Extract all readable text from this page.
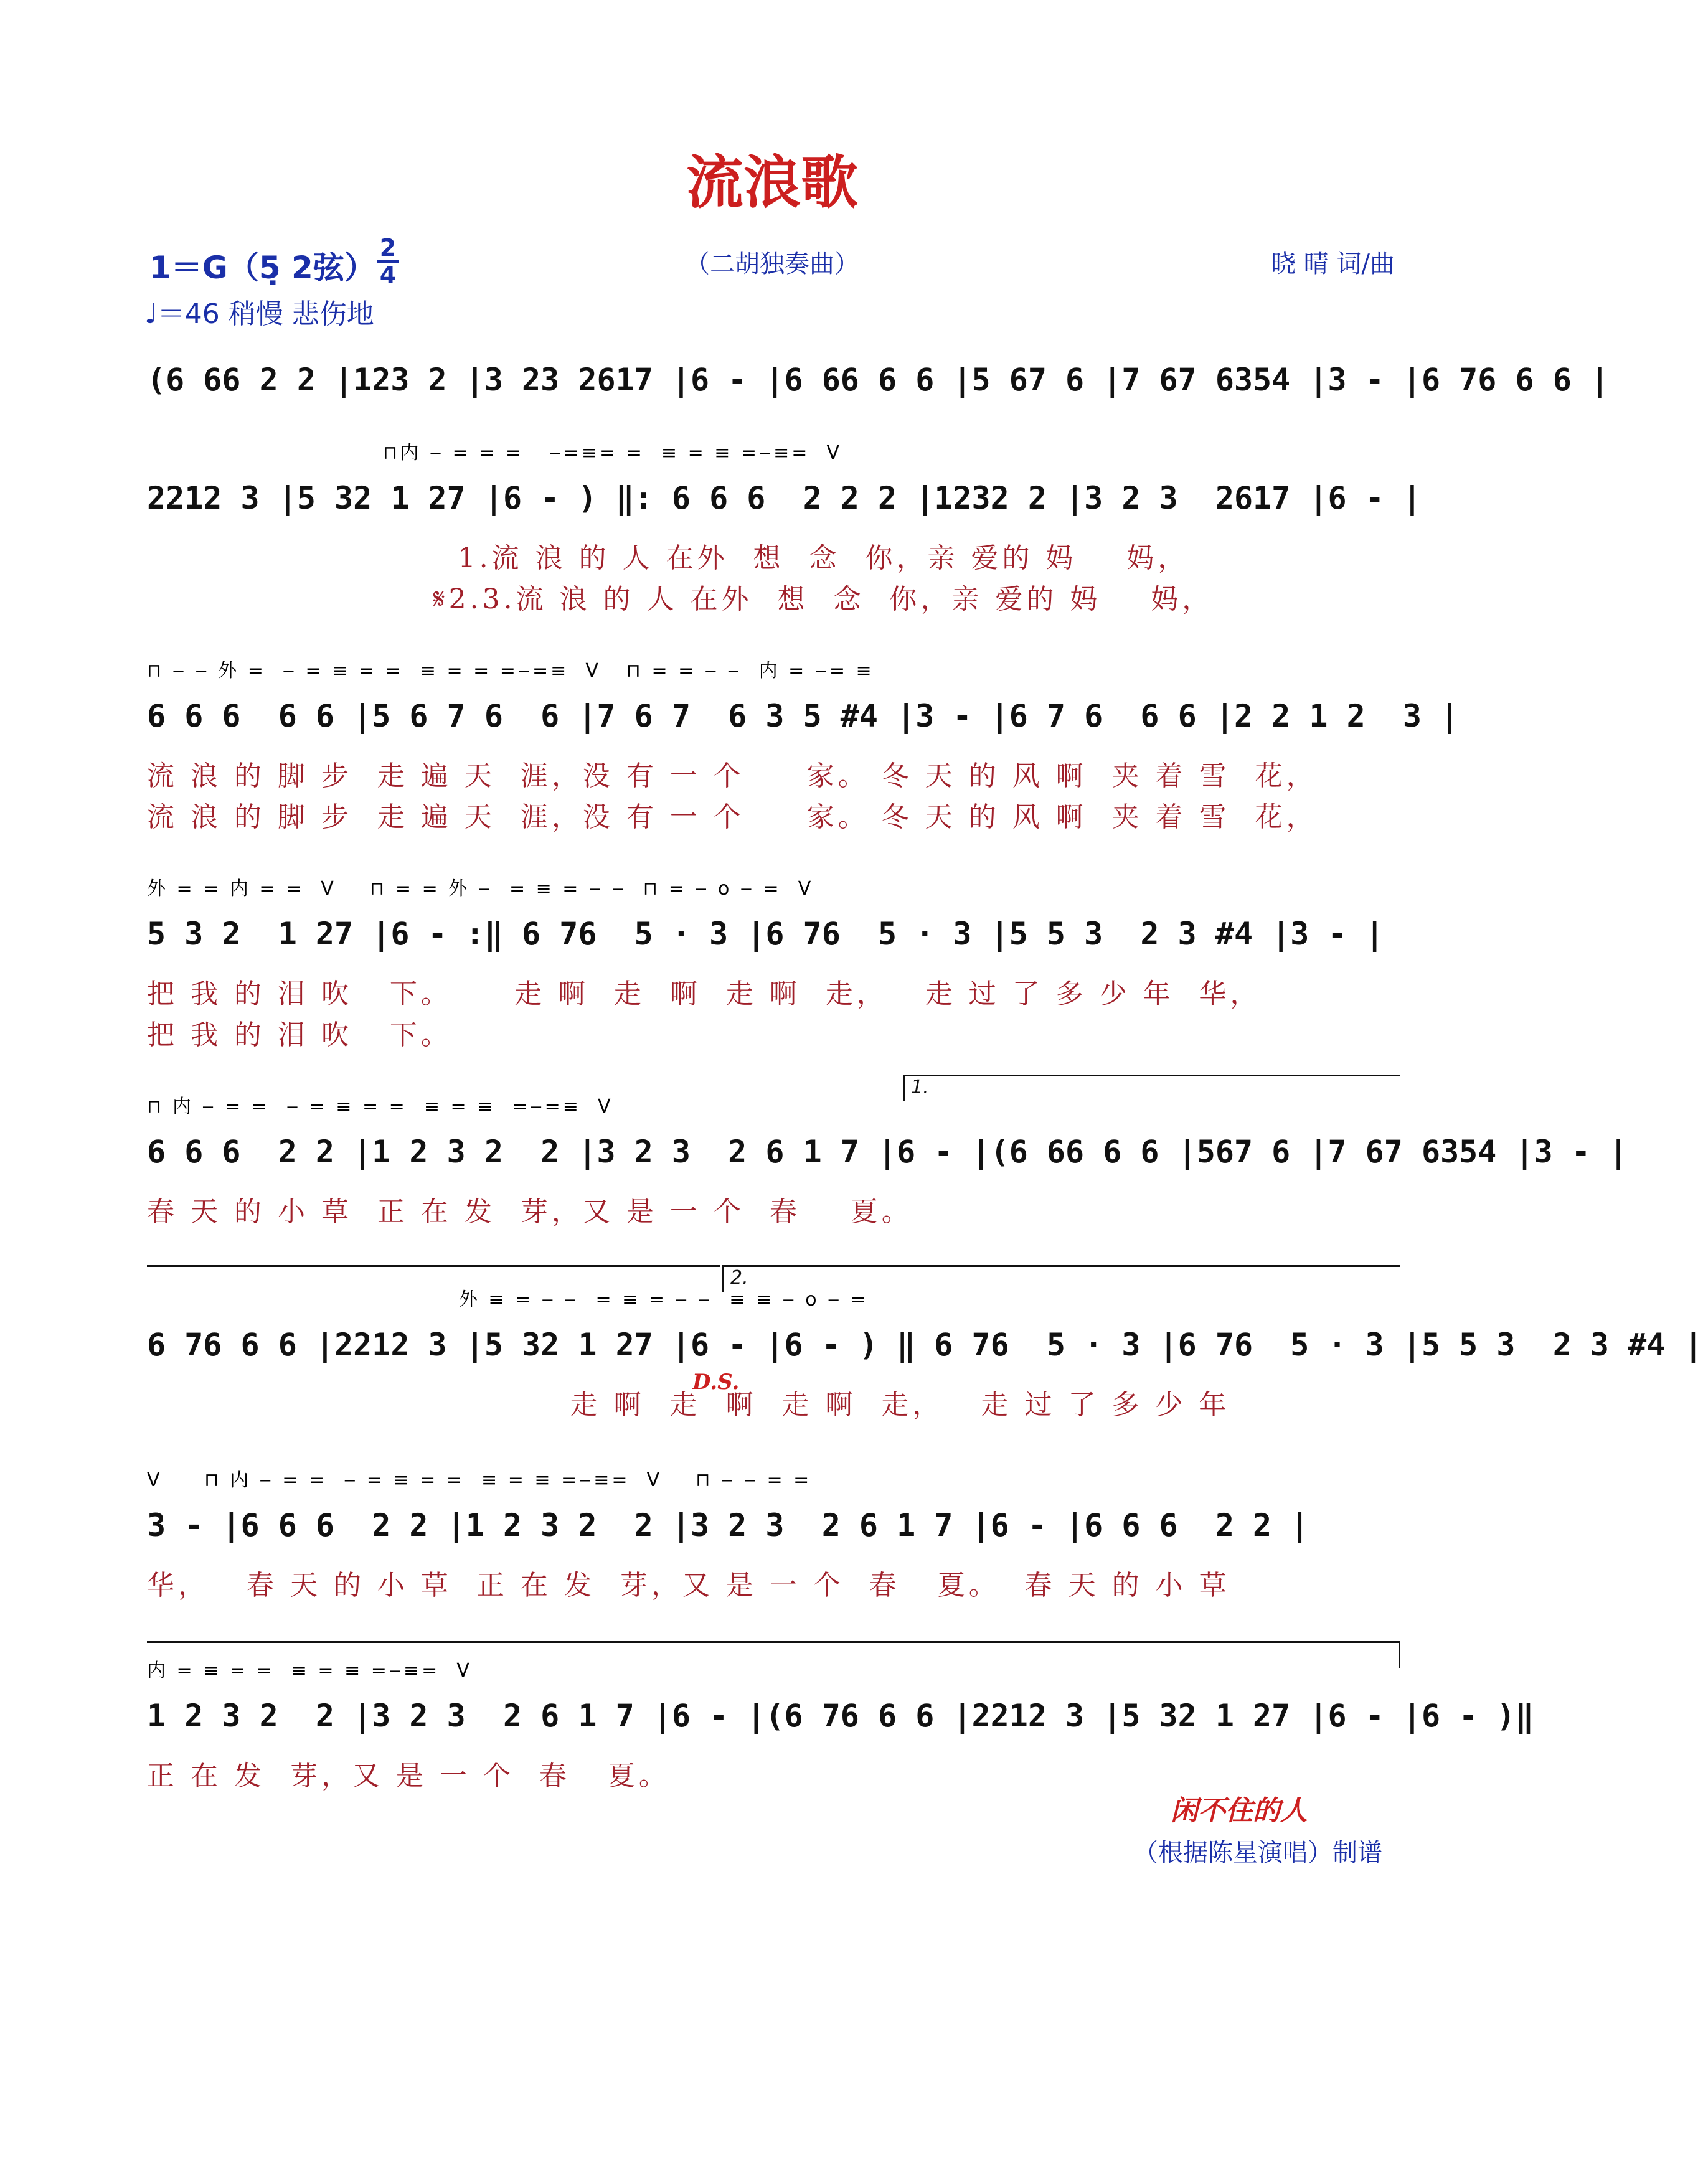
流浪歌
1＝G（5̣ 2弦）
2
4
♩＝46 稍慢 悲伤地
（二胡独奏曲）	晓 晴 词/曲
(6 66 2 2 |123 2 |3 23 2617 |6 - |6 66 6 6 |5 67 6 |7 67 6354 |3 - |6 76 6 6 |
⊓内 ‒ = = =   ‒=≡= =  ≡ = ≡ =‒≡=  V
2212 3 |5 32 1 27 |6 - ) ‖: 6 6 6  2 2 2 |1232 2 |3 2 3  2617 |6 - |
1.流 浪 的 人 在外  想  念  你，亲 爱的 妈    妈，
𝄋2.3.流 浪 的 人 在外  想  念  你，亲 爱的 妈    妈，
⊓ ‒ ‒ 外 =  ‒ = ≡ = =  ≡ = = =‒=≡  V   ⊓ = = ‒ ‒  内 = ‒= ≡
6 6 6  6 6 |5 6 7 6  6 |7 6 7  6 3 5 #4 |3 - |6 7 6  6 6 |2 2 1 2  3 |
流 浪 的 脚 步  走 遍 天  涯，没 有 一 个     家。 冬 天 的 风 啊  夹 着 雪  花，
流 浪 的 脚 步  走 遍 天  涯，没 有 一 个     家。 冬 天 的 风 啊  夹 着 雪  花，
外 = = 内 = =  V    ⊓ = = 外 ‒  = ≡ = ‒ ‒  ⊓ = ‒ o ‒ =  V
5 3 2  1 27 |6 - :‖ 6 76  5 · 3 |6 76  5 · 3 |5 5 3  2 3 #4 |3 - |
把 我 的 泪 吹   下。     走 啊  走  啊  走 啊  走，   走 过 了 多 少 年  华，
把 我 的 泪 吹   下。
1.
⊓ 内 ‒ = =  ‒ = ≡ = =  ≡ = ≡  =‒=≡  V
6 6 6  2 2 |1 2 3 2  2 |3 2 3  2 6 1 7 |6 - |(6 66 6 6 |567 6 |7 67 6354 |3 - |
春 天 的 小 草  正 在 发  芽，又 是 一 个  春    夏。
2.
外 ≡ = ‒ ‒  = ≡ = ‒ ‒  ≡ ≡ ‒ o ‒ =
6 76 6 6 |2212 3 |5 32 1 27 |6 - |6 - ) ‖ 6 76  5 · 3 |6 76  5 · 3 |5 5 3  2 3 #4 |
走 啊  走  啊  走 啊  走，   走 过 了 多 少 年
D.S.
V     ⊓ 内 ‒ = =  ‒ = ≡ = =  ≡ = ≡ =‒≡=  V    ⊓ ‒ ‒ = =
3 - |6 6 6  2 2 |1 2 3 2  2 |3 2 3  2 6 1 7 |6 - |6 6 6  2 2 |
华，   春 天 的 小 草  正 在 发  芽，又 是 一 个  春   夏。  春 天 的 小 草
内 = ≡ = =  ≡ = ≡ =‒≡=  V
1 2 3 2  2 |3 2 3  2 6 1 7 |6 - |(6 76 6 6 |2212 3 |5 32 1 27 |6 - |6 - )‖
正 在 发  芽，又 是 一 个  春   夏。
闲不住的人
（根据陈星演唱）制谱
